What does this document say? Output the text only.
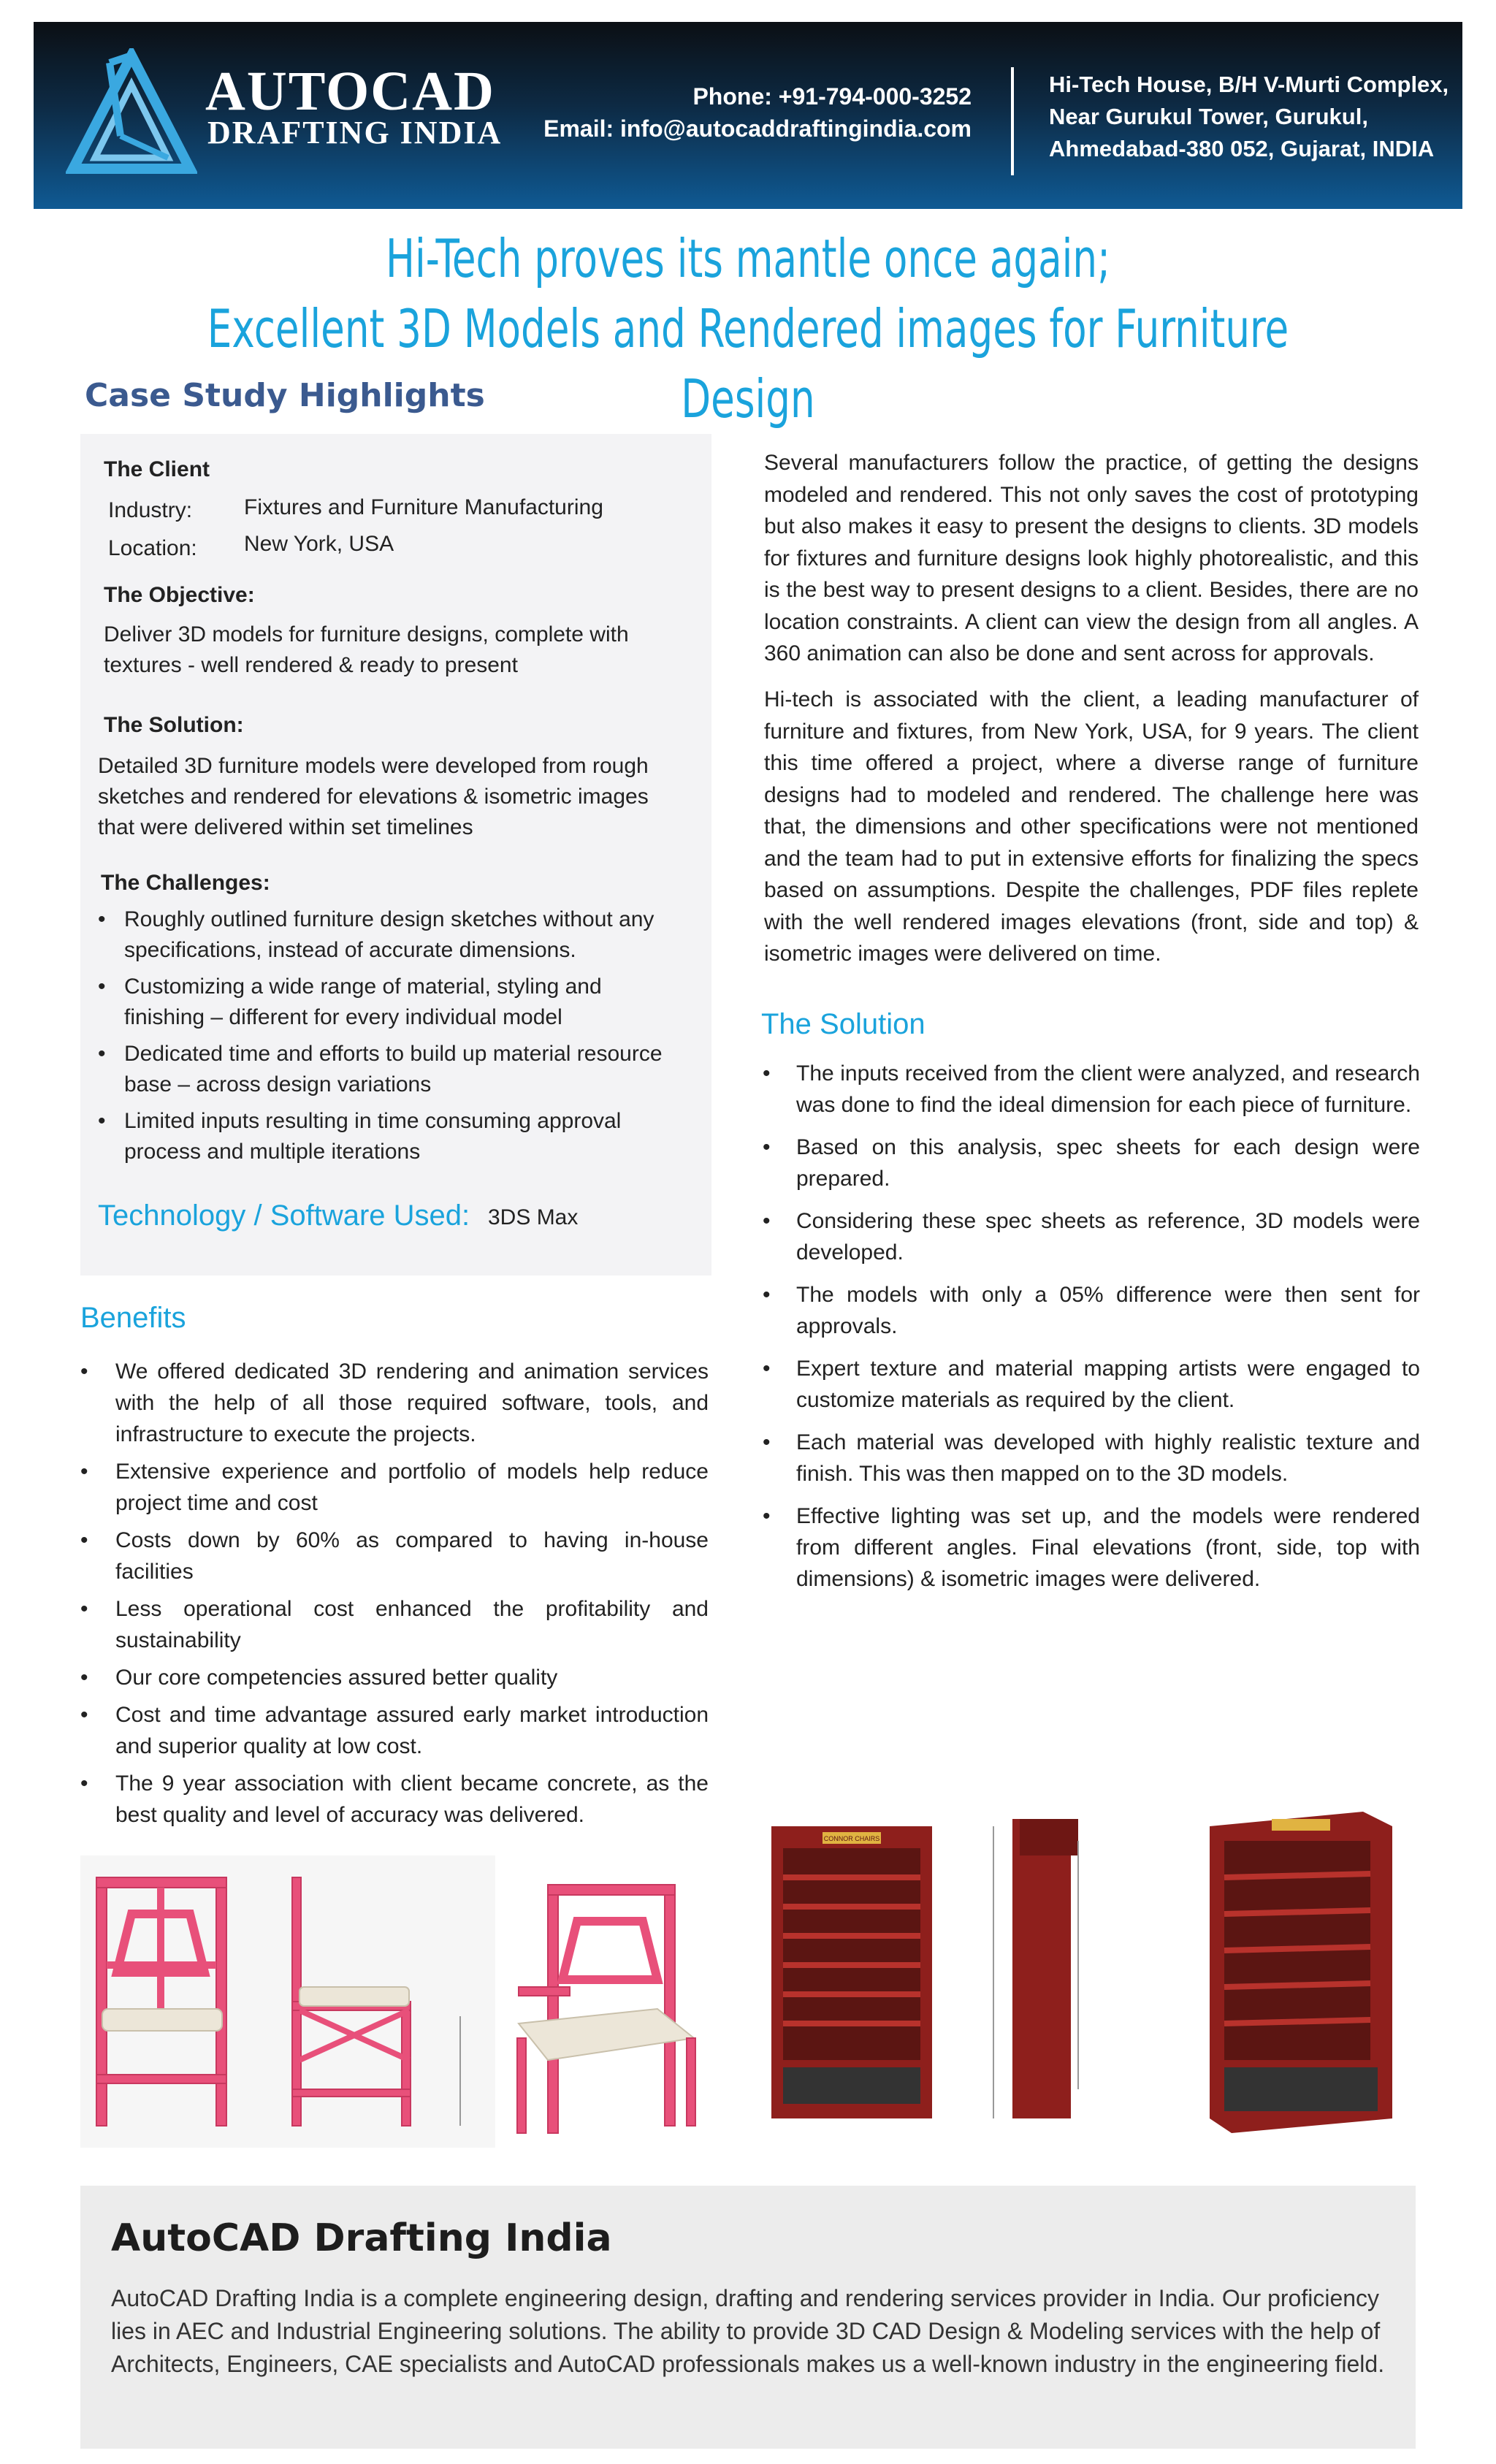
AUTOCAD
DRAFTING INDIA
Phone: +91-794-000-3252
Email: info@autocaddraftingindia.com
Hi-Tech House, B/H V-Murti Complex,
Near Gurukul Tower, Gurukul,
Ahmedabad-380 052, Gujarat, INDIA
Hi-Tech proves its mantle once again;
Excellent 3D Models and Rendered images for Furniture Design
Case Study Highlights
The Client
Industry: Fixtures and Furniture Manufacturing
Location: New York, USA
The Objective:
Deliver 3D models for furniture designs, complete with
textures - well rendered & ready to present
The Solution:
Detailed 3D furniture models were developed from rough
sketches and rendered for elevations & isometric images
that were delivered within set timelines
The Challenges:
• Roughly outlined furniture design sketches without any specifications, instead of accurate dimensions.
• Customizing a wide range of material, styling and finishing – different for every individual model
• Dedicated time and efforts to build up material resource base – across design variations
• Limited inputs resulting in time consuming approval process and multiple iterations
Technology / Software Used: 3DS Max
Several manufacturers follow the practice, of getting the designs modeled and rendered. This not only saves the cost of prototyping but also makes it easy to present the designs to clients. 3D models for fixtures and furniture designs look highly photorealistic, and this is the best way to present designs to a client. Besides, there are no location constraints. A client can view the design from all angles. A 360 animation can also be done and sent across for approvals.
Hi-tech is associated with the client, a leading manufacturer of furniture and fixtures, from New York, USA, for 9 years. The client this time offered a project, where a diverse range of furniture designs had to modeled and rendered. The challenge here was that, the dimensions and other specifications were not mentioned and the team had to put in extensive efforts for finalizing the specs based on assumptions. Despite the challenges, PDF files replete with the well rendered images elevations (front, side and top) & isometric images were delivered on time.
The Solution
• The inputs received from the client were analyzed, and research was done to find the ideal dimension for each piece of furniture.
• Based on this analysis, spec sheets for each design were prepared.
• Considering these spec sheets as reference, 3D models were developed.
• The models with only a 05% difference were then sent for approvals.
• Expert texture and material mapping artists were engaged to customize materials as required by the client.
• Each material was developed with highly realistic texture and finish. This was then mapped on to the 3D models.
• Effective lighting was set up, and the models were rendered from different angles. Final elevations (front, side, top with dimensions) & isometric images were delivered.
Benefits
• We offered dedicated 3D rendering and animation services with the help of all those required software, tools, and infrastructure to execute the projects.
• Extensive experience and portfolio of models help reduce project time and cost
• Costs down by 60% as compared to having in-house facilities
• Less operational cost enhanced the profitability and sustainability
• Our core competencies assured better quality
• Cost and time advantage assured early market introduction and superior quality at low cost.
• The 9 year association with client became concrete, as the best quality and level of accuracy was delivered.
CONNOR CHAIRS
AutoCAD Drafting India
AutoCAD Drafting India is a complete engineering design, drafting and rendering services provider in India. Our proficiency lies in AEC and Industrial Engineering solutions. The ability to provide 3D CAD Design & Modeling services with the help of Architects, Engineers, CAE specialists and AutoCAD professionals makes us a well-known industry in the engineering field.
